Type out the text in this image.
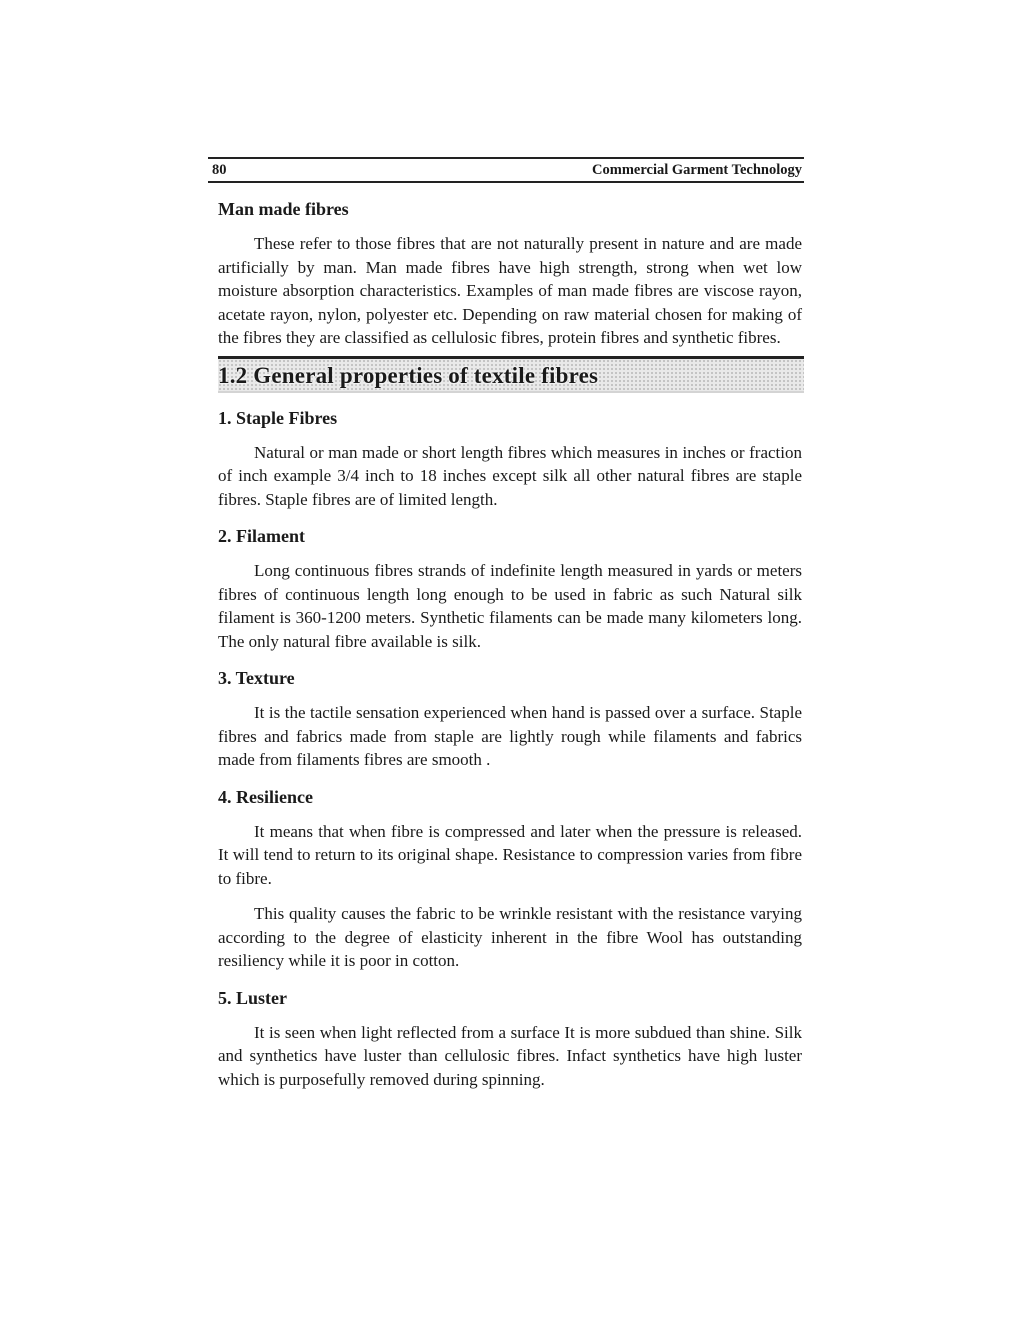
80	Commercial Garment Technology
Man made fibres

These refer to those fibres that are not naturally present in nature and are made artificially by man. Man made fibres have high strength, strong when wet low moisture absorption characteristics. Examples of man made fibres are viscose rayon, acetate rayon, nylon, polyester etc. Depending on raw material chosen for making of the fibres they are classified as cellulosic fibres, protein fibres and synthetic fibres.

1.2 General properties of textile fibres
1. Staple Fibres

Natural or man made or short length fibres which measures in inches or fraction of inch example 3/4 inch to 18 inches except silk all other natural fibres are staple fibres. Staple fibres are of limited length.

2. Filament

Long continuous fibres strands of indefinite length measured in yards or meters fibres of continuous length long enough to be used in fabric as such Natural silk filament is 360-1200 meters. Synthetic filaments can be made many kilometers long. The only natural fibre available is silk.

3. Texture

It is the tactile sensation experienced when hand is passed over a surface. Staple fibres and fabrics made from staple are lightly rough while filaments and fabrics made from filaments fibres are smooth .

4. Resilience

It means that when fibre is compressed and later when the pressure is released. It will tend to return to its original shape. Resistance to compression varies from fibre to fibre.

This quality causes the fabric to be wrinkle resistant with the resistance varying according to the degree of elasticity inherent in the fibre Wool has outstanding resiliency while it is poor in cotton.

5. Luster

It is seen when light reflected from a surface It is more subdued than shine. Silk and synthetics have luster than cellulosic fibres. Infact synthetics have high luster which is purposefully removed during spinning.
